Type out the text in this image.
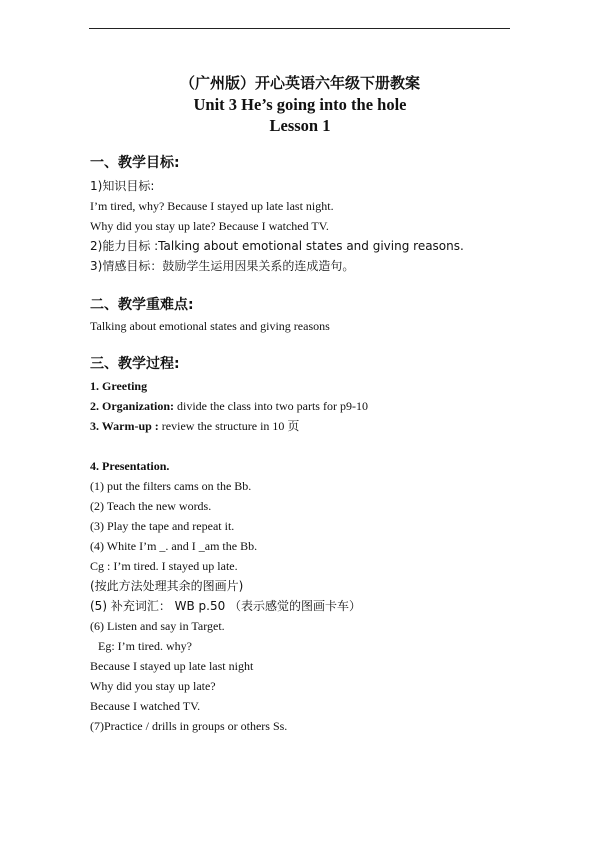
（广州版）开心英语六年级下册教案
Unit 3 He’s going into the hole
Lesson 1
一、教学目标:
1)知识目标:
I’m tired, why? Because I stayed up late last night.
Why did you stay up late? Because I watched TV.
2)能力目标 :Talking about emotional states and giving reasons.
3)情感目标：鼓励学生运用因果关系的连成造句。
二、教学重难点:
Talking about emotional states and giving reasons
三、教学过程:
1. Greeting
2. Organization: divide the class into two parts for p9-10
3. Warm-up : review the structure in 10 页
4. Presentation.
(1) put the filters cams on the Bb.
(2) Teach the new words.
(3) Play the tape and repeat it.
(4) White I’m _. and I _am the Bb.
Cg : I’m tired. I stayed up late.
(按此方法处理其余的图画片)
(5) 补充词汇： WB p.50 （表示感觉的图画卡车）
(6) Listen and say in Target.
Eg: I’m tired. why?
Because I stayed up late last night
Why did you stay up late?
Because I watched TV.
(7)Practice / drills in groups or others Ss.
